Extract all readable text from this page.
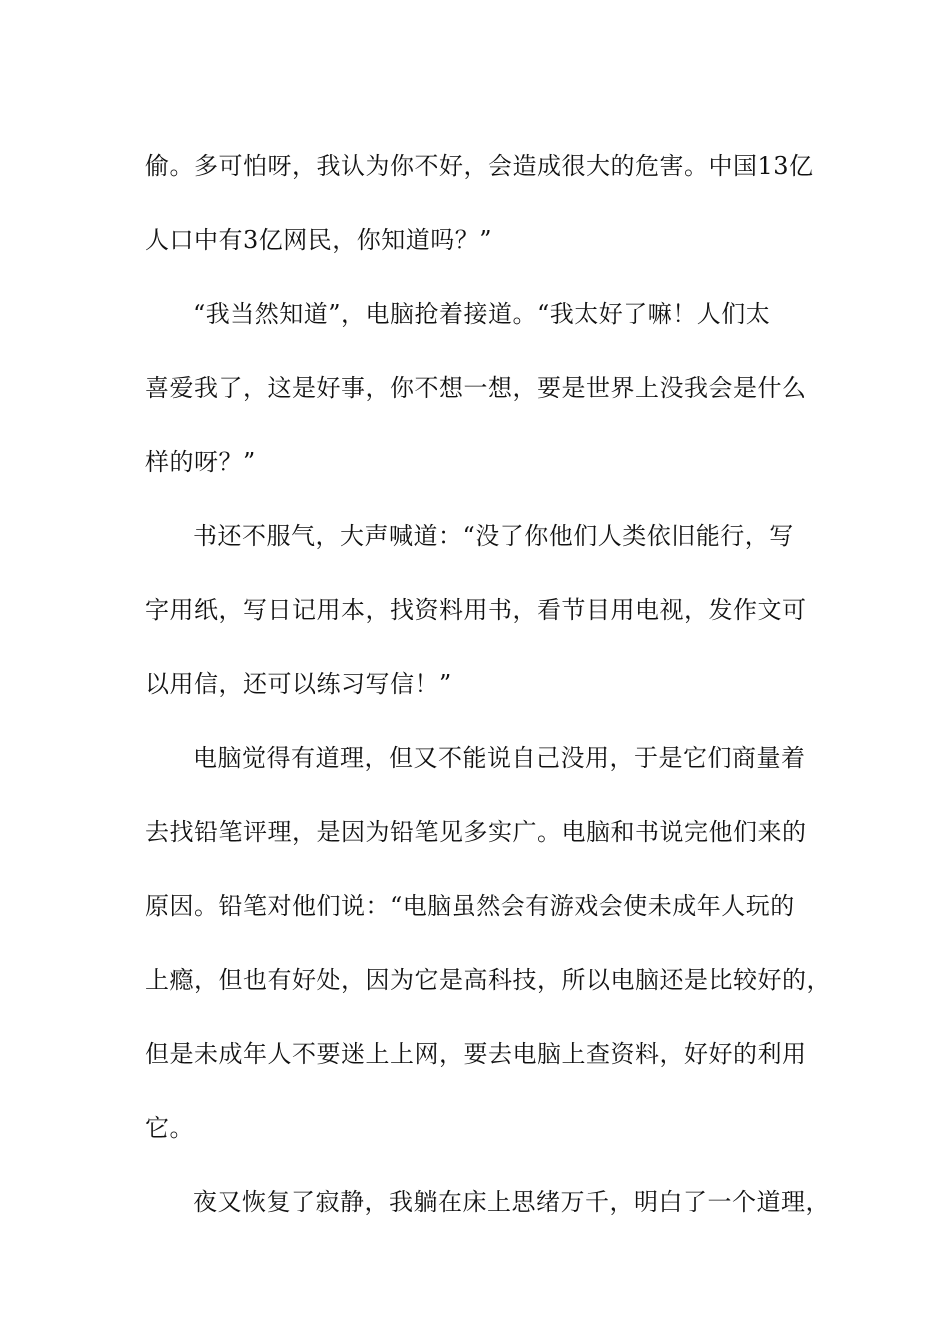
偷。多可怕呀，我认为你不好，会造成很大的危害。中国13亿
人口中有3亿网民，你知道吗？”
“我当然知道”，电脑抢着接道。“我太好了嘛！人们太
喜爱我了，这是好事，你不想一想，要是世界上没我会是什么
样的呀？”
书还不服气，大声喊道：“没了你他们人类依旧能行，写
字用纸，写日记用本，找资料用书，看节目用电视，发作文可
以用信，还可以练习写信！”
电脑觉得有道理，但又不能说自己没用，于是它们商量着
去找铅笔评理，是因为铅笔见多实广。电脑和书说完他们来的
原因。铅笔对他们说：“电脑虽然会有游戏会使未成年人玩的
上瘾，但也有好处，因为它是高科技，所以电脑还是比较好的，
但是未成年人不要迷上上网，要去电脑上查资料，好好的利用
它。
夜又恢复了寂静，我躺在床上思绪万千，明白了一个道理，
